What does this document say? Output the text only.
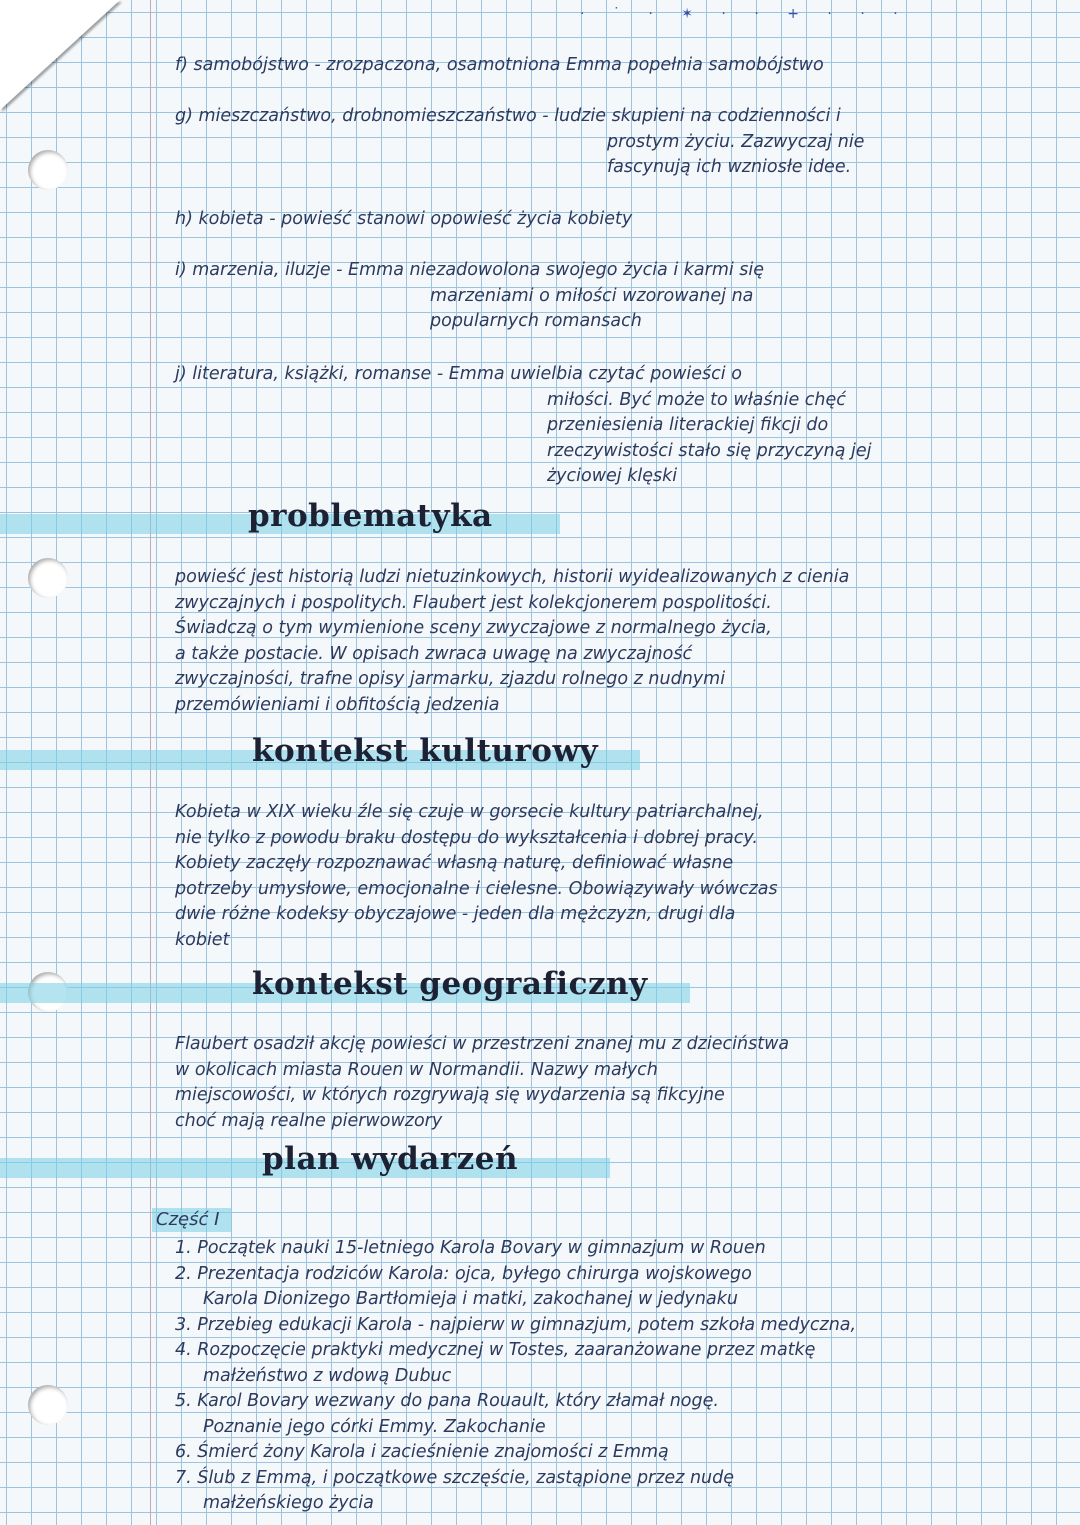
· ˙ · ✶ · · + · · ·
f) samobójstwo - zrozpaczona, osamotniona Emma popełnia samobójstwo
g) mieszczaństwo, drobnomieszczaństwo - ludzie skupieni na codzienności i
prostym życiu. Zazwyczaj nie
fascynują ich wzniosłe idee.
h) kobieta - powieść stanowi opowieść życia kobiety
i) marzenia, iluzje - Emma niezadowolona swojego życia i karmi się
marzeniami o miłości wzorowanej na
popularnych romansach
j) literatura, książki, romanse - Emma uwielbia czytać powieści o
miłości. Być może to właśnie chęć
przeniesienia literackiej fikcji do
rzeczywistości stało się przyczyną jej
życiowej klęski
problematyka
powieść jest historią ludzi nietuzinkowych, historii wyidealizowanych z cienia
zwyczajnych i pospolitych. Flaubert jest kolekcjonerem pospolitości.
Świadczą o tym wymienione sceny zwyczajowe z normalnego życia,
a także postacie. W opisach zwraca uwagę na zwyczajność
zwyczajności, trafne opisy jarmarku, zjazdu rolnego z nudnymi
przemówieniami i obfitością jedzenia
kontekst kulturowy
Kobieta w XIX wieku źle się czuje w gorsecie kultury patriarchalnej,
nie tylko z powodu braku dostępu do wykształcenia i dobrej pracy.
Kobiety zaczęły rozpoznawać własną naturę, definiować własne
potrzeby umysłowe, emocjonalne i cielesne. Obowiązywały wówczas
dwie różne kodeksy obyczajowe - jeden dla mężczyzn, drugi dla
kobiet
kontekst geograficzny
Flaubert osadził akcję powieści w przestrzeni znanej mu z dzieciństwa
w okolicach miasta Rouen w Normandii. Nazwy małych
miejscowości, w których rozgrywają się wydarzenia są fikcyjne
choć mają realne pierwowzory
plan wydarzeń
Część I
1. Początek nauki 15-letniego Karola Bovary w gimnazjum w Rouen
2. Prezentacja rodziców Karola: ojca, byłego chirurga wojskowego
Karola Dionizego Bartłomieja i matki, zakochanej w jedynaku
3. Przebieg edukacji Karola - najpierw w gimnazjum, potem szkoła medyczna,
4. Rozpoczęcie praktyki medycznej w Tostes, zaaranżowane przez matkę
małżeństwo z wdową Dubuc
5. Karol Bovary wezwany do pana Rouault, który złamał nogę.
Poznanie jego córki Emmy. Zakochanie
6. Śmierć żony Karola i zacieśnienie znajomości z Emmą
7. Ślub z Emmą, i początkowe szczęście, zastąpione przez nudę
małżeńskiego życia
